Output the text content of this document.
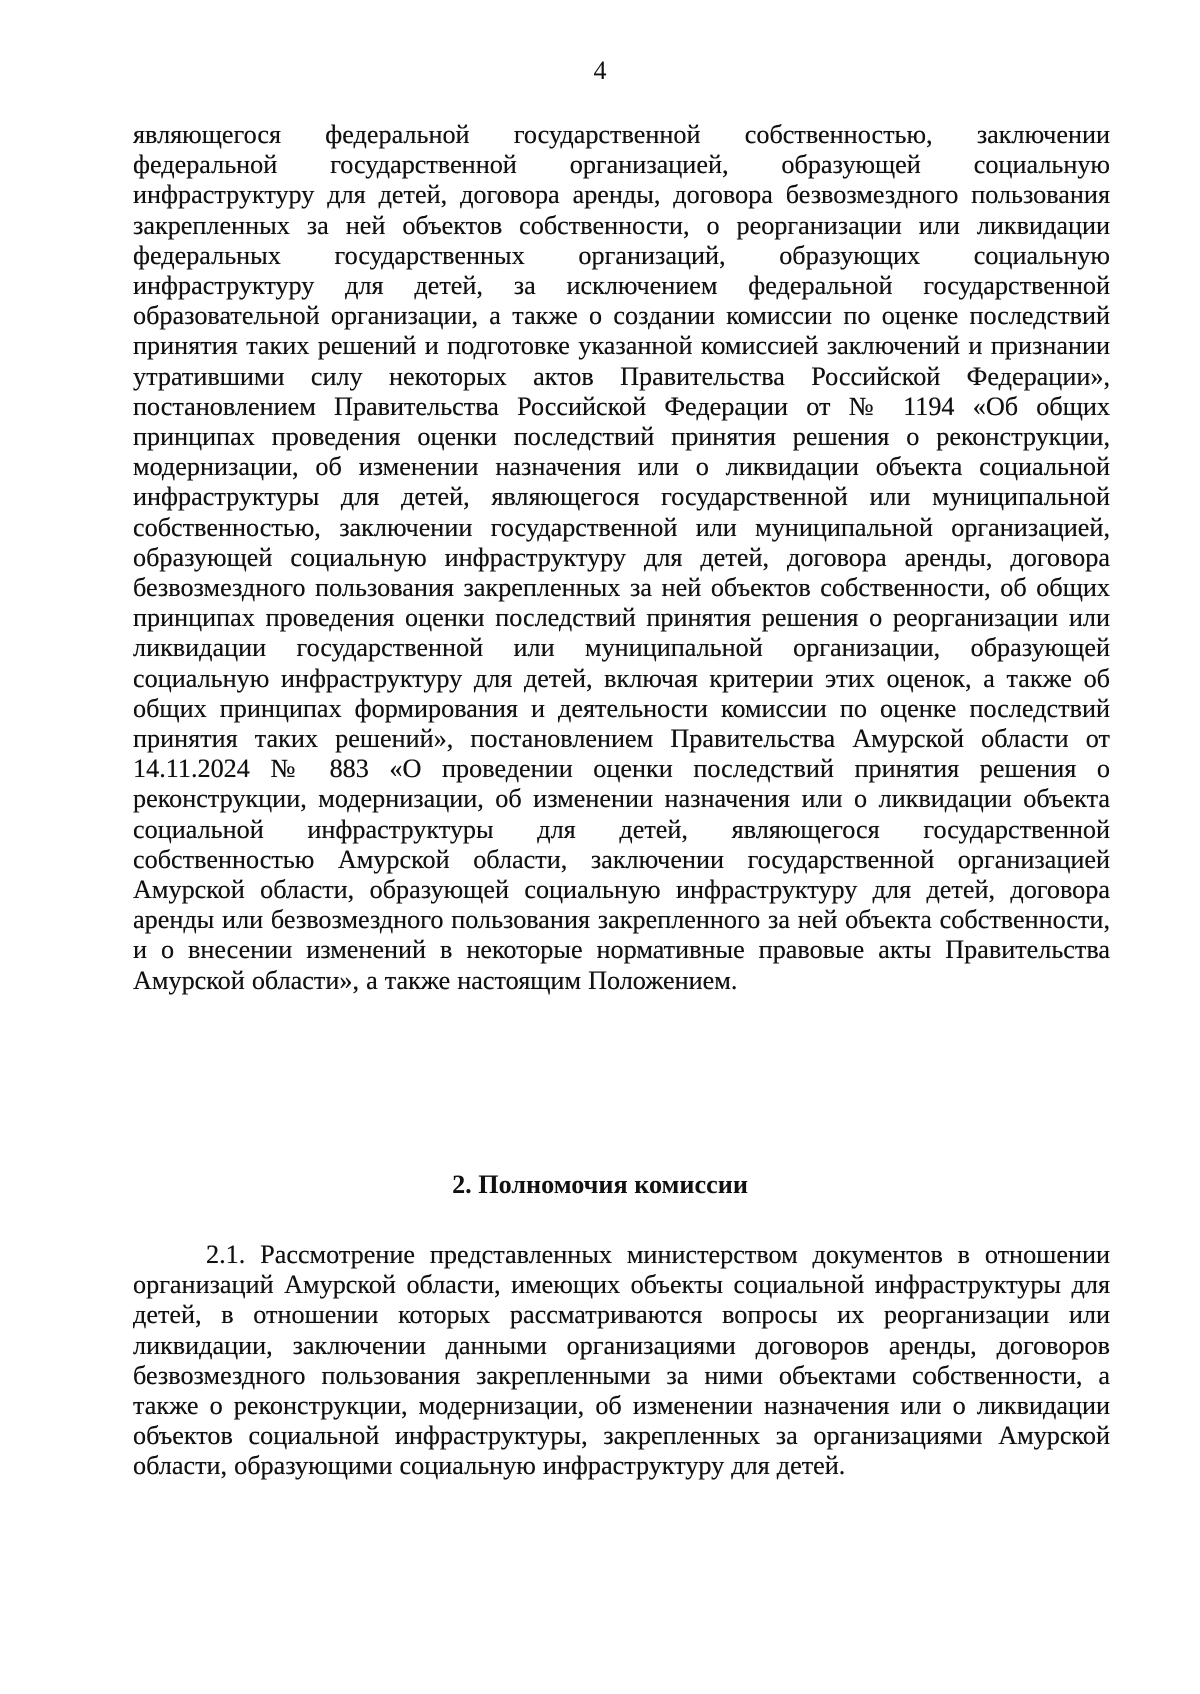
4

являющегося федеральной государственной собственностью, заключении федеральной государственной организацией, образующей социальную инфраструктуру для детей, договора аренды, договора безвозмездного пользования закрепленных за ней объектов собственности, о реорганизации или ликвидации федеральных государственных организаций, образующих социальную инфраструктуру для детей, за исключением федеральной государственной образовательной организации, а также о создании комиссии по оценке последствий принятия таких решений и подготовке указанной комиссией заключений и признании утратившими силу некоторых актов Правительства Российской Федерации», постановлением Правительства Российской Федерации от № 1194 «Об общих принципах проведения оценки последствий принятия решения о реконструкции, модернизации, об изменении назначения или о ликвидации объекта социальной инфраструктуры для детей, являющегося государственной или муниципальной собственностью, заключении государственной или муниципальной организацией, образующей социальную инфраструктуру для детей, договора аренды, договора безвозмездного пользования закрепленных за ней объектов собственности, об общих принципах проведения оценки последствий принятия решения о реорганизации или ликвидации государственной или муниципальной организации, образующей социальную инфраструктуру для детей, включая критерии этих оценок, а также об общих принципах формирования и деятельности комиссии по оценке последствий принятия таких решений», постановлением Правительства Амурской области от 14.11.2024 № 883 «О проведении оценки последствий принятия решения о реконструкции, модернизации, об изменении назначения или о ликвидации объекта социальной инфраструктуры для детей, являющегося государственной собственностью Амурской области, заключении государственной организацией Амурской области, образующей социальную инфраструктуру для детей, договора аренды или безвозмездного пользования закрепленного за ней объекта собственности, и о внесении изменений в некоторые нормативные правовые акты Правительства Амурской области», а также настоящим Положением.

2. Полномочия комиссии

2.1. Рассмотрение представленных министерством документов в отношении организаций Амурской области, имеющих объекты социальной инфраструктуры для детей, в отношении которых рассматриваются вопросы их реорганизации или ликвидации, заключении данными организациями договоров аренды, договоров безвозмездного пользования закрепленными за ними объектами собственности, а также о реконструкции, модернизации, об изменении назначения или о ликвидации объектов социальной инфраструктуры, закрепленных за организациями Амурской области, образующими социальную инфраструктуру для детей.
